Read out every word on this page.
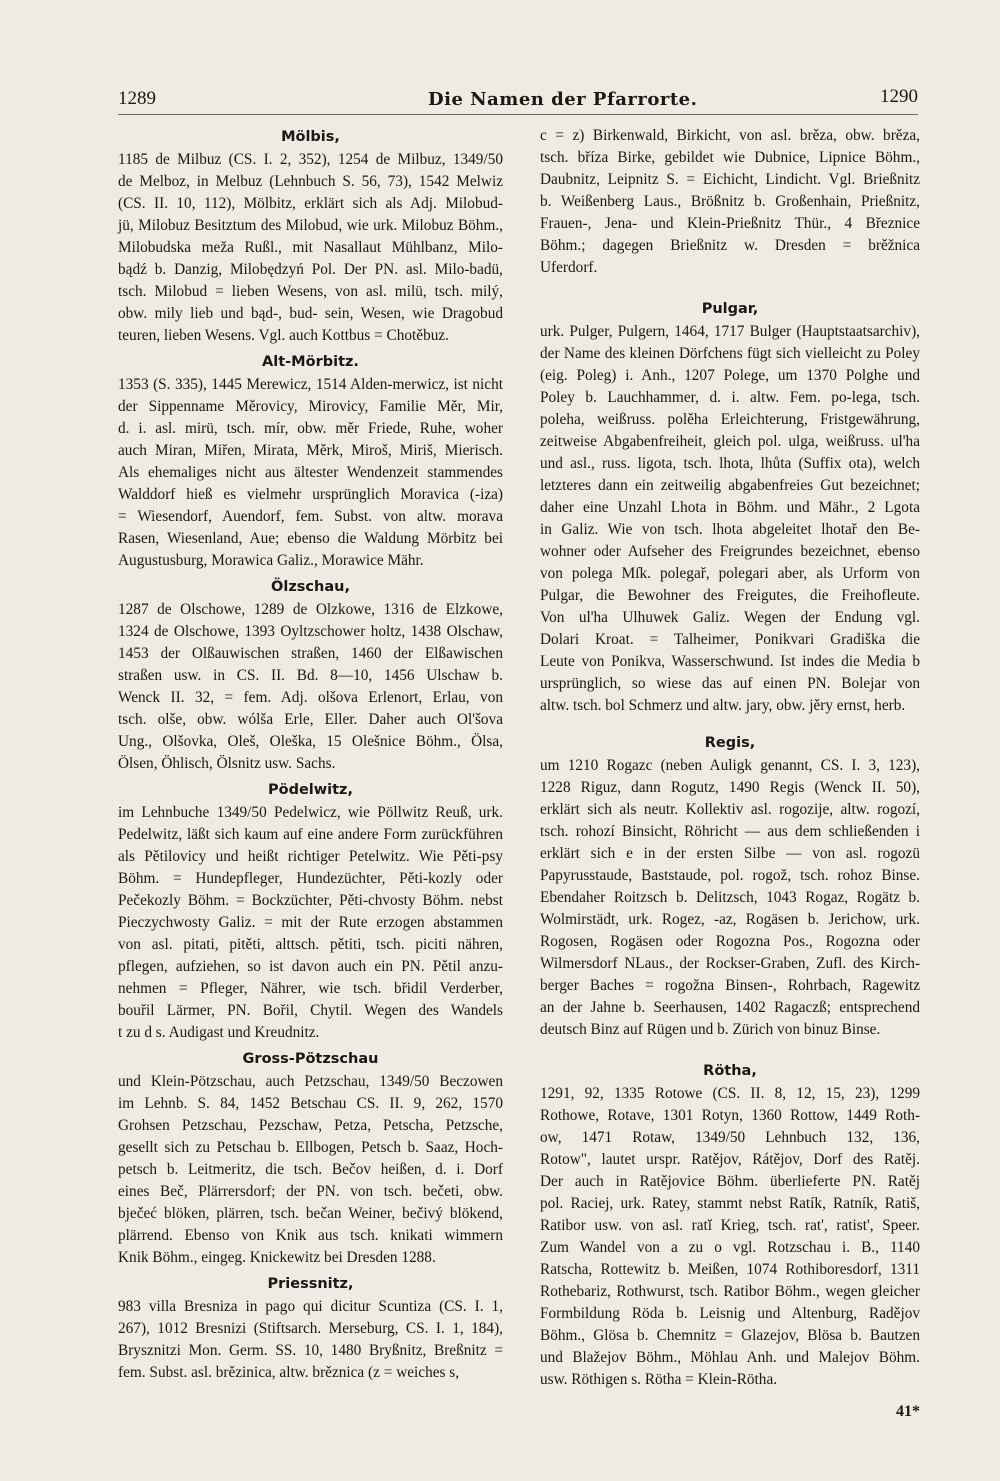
1289	Die Namen der Pfarrorte.	1290
Mölbis,
1185 de Milbuz (CS. I. 2, 352), 1254 de Milbuz, 1349/50
de Melboz, in Melbuz (Lehnbuch S. 56, 73), 1542 Melwiz
(CS. II. 10, 112), Mölbitz, erklärt sich als Adj. Milobud-
jü, Milobuz Besitztum des Milobud, wie urk. Milobuz Böhm.,
Milobudska meža Rußl., mit Nasallaut Mühlbanz, Milo-
bądź b. Danzig, Milobędzyń Pol. Der PN. asl. Milo-badü,
tsch. Milobud = lieben Wesens, von asl. milü, tsch. milý,
obw. mily lieb und bąd-, bud- sein, Wesen, wie Dragobud
teuren, lieben Wesens. Vgl. auch Kottbus = Chotěbuz.
Alt-Mörbitz.
1353 (S. 335), 1445 Merewicz, 1514 Alden-merwicz, ist nicht
der Sippenname Měrovicy, Mirovicy, Familie Měr, Mir,
d. i. asl. mirü, tsch. mír, obw. měr Friede, Ruhe, woher
auch Miran, Miřen, Mirata, Měrk, Miroš, Miriš, Mierisch.
Als ehemaliges nicht aus ältester Wendenzeit stammendes
Walddorf hieß es vielmehr ursprünglich Moravica (-iza)
= Wiesendorf, Auendorf, fem. Subst. von altw. morava
Rasen, Wiesenland, Aue; ebenso die Waldung Mörbitz bei
Augustusburg, Morawica Galiz., Morawice Mähr.
Ölzschau,
1287 de Olschowe, 1289 de Olzkowe, 1316 de Elzkowe,
1324 de Olschowe, 1393 Oyltzschower holtz, 1438 Olschaw,
1453 der Olßauwischen straßen, 1460 der Elßawischen
straßen usw. in CS. II. Bd. 8—10, 1456 Ulschaw b.
Wenck II. 32, = fem. Adj. olšova Erlenort, Erlau, von
tsch. olše, obw. wólša Erle, Eller. Daher auch Ol'šova
Ung., Olšovka, Oleš, Oleška, 15 Olešnice Böhm., Ölsa,
Ölsen, Öhlisch, Ölsnitz usw. Sachs.
Pödelwitz,
im Lehnbuche 1349/50 Pedelwicz, wie Pöllwitz Reuß, urk.
Pedelwitz, läßt sich kaum auf eine andere Form zurückführen
als Pětilovicy und heißt richtiger Petelwitz. Wie Pěti-psy
Böhm. = Hundepfleger, Hundezüchter, Pěti-kozly oder
Pečekozly Böhm. = Bockzüchter, Pěti-chvosty Böhm. nebst
Pieczychwosty Galiz. = mit der Rute erzogen abstammen
von asl. pitati, pitěti, alttsch. pětiti, tsch. piciti nähren,
pflegen, aufziehen, so ist davon auch ein PN. Pětil anzu-
nehmen = Pfleger, Nährer, wie tsch. břidil Verderber,
bouřil Lärmer, PN. Bořil, Chytil. Wegen des Wandels
t zu d s. Audigast und Kreudnitz.
Gross-Pötzschau
und Klein-Pötzschau, auch Petzschau, 1349/50 Beczowen
im Lehnb. S. 84, 1452 Betschau CS. II. 9, 262, 1570
Grohsen Petzschau, Pezschaw, Petza, Petscha, Petzsche,
gesellt sich zu Petschau b. Ellbogen, Petsch b. Saaz, Hoch-
petsch b. Leitmeritz, die tsch. Bečov heißen, d. i. Dorf
eines Beč, Plärrersdorf; der PN. von tsch. bečeti, obw.
bječeć blöken, plärren, tsch. bečan Weiner, bečivý blökend,
plärrend. Ebenso von Knik aus tsch. knikati wimmern
Knik Böhm., eingeg. Knickewitz bei Dresden 1288.
Priessnitz,
983 villa Bresniza in pago qui dicitur Scuntiza (CS. I. 1,
267), 1012 Bresnizi (Stiftsarch. Merseburg, CS. I. 1, 184),
Brysznitzi Mon. Germ. SS. 10, 1480 Bryßnitz, Breßnitz =
fem. Subst. asl. brězinica, altw. brěznica (z = weiches s,
c = z) Birkenwald, Birkicht, von asl. brěza, obw. brěza,
tsch. bříza Birke, gebildet wie Dubnice, Lipnice Böhm.,
Daubnitz, Leipnitz S. = Eichicht, Lindicht. Vgl. Brießnitz
b. Weißenberg Laus., Brößnitz b. Großenhain, Prießnitz,
Frauen-, Jena- und Klein-Prießnitz Thür., 4 Březnice
Böhm.; dagegen Brießnitz w. Dresden = brěžnica
Uferdorf.
Pulgar,
urk. Pulger, Pulgern, 1464, 1717 Bulger (Hauptstaatsarchiv),
der Name des kleinen Dörfchens fügt sich vielleicht zu Poley
(eig. Poleg) i. Anh., 1207 Polege, um 1370 Polghe und
Poley b. Lauchhammer, d. i. altw. Fem. po-lega, tsch.
poleha, weißruss. polěha Erleichterung, Fristgewährung,
zeitweise Abgabenfreiheit, gleich pol. ulga, weißruss. ul'ha
und asl., russ. ligota, tsch. lhota, lhůta (Suffix ota), welch
letzteres dann ein zeitweilig abgabenfreies Gut bezeichnet;
daher eine Unzahl Lhota in Böhm. und Mähr., 2 Lgota
in Galiz. Wie von tsch. lhota abgeleitet lhotař den Be-
wohner oder Aufseher des Freigrundes bezeichnet, ebenso
von polega Mſk. polegař, polegari aber, als Urform von
Pulgar, die Bewohner des Freigutes, die Freihofleute.
Von ul'ha Ulhuwek Galiz. Wegen der Endung vgl.
Dolari Kroat. = Talheimer, Ponikvari Gradiška die
Leute von Ponikva, Wasserschwund. Ist indes die Media b
ursprünglich, so wiese das auf einen PN. Bolejar von
altw. tsch. bol Schmerz und altw. jary, obw. jěry ernst, herb.
Regis,
um 1210 Rogazc (neben Auligk genannt, CS. I. 3, 123),
1228 Riguz, dann Rogutz, 1490 Regis (Wenck II. 50),
erklärt sich als neutr. Kollektiv asl. rogozije, altw. rogozí,
tsch. rohozí Binsicht, Röhricht — aus dem schließenden i
erklärt sich e in der ersten Silbe — von asl. rogozü
Papyrusstaude, Baststaude, pol. rogož, tsch. rohoz Binse.
Ebendaher Roitzsch b. Delitzsch, 1043 Rogaz, Rogätz b.
Wolmirstädt, urk. Rogez, -az, Rogäsen b. Jerichow, urk.
Rogosen, Rogäsen oder Rogozna Pos., Rogozna oder
Wilmersdorf NLaus., der Rockser-Graben, Zufl. des Kirch-
berger Baches = rogožna Binsen-, Rohrbach, Ragewitz
an der Jahne b. Seerhausen, 1402 Ragaczß; entsprechend
deutsch Binz auf Rügen und b. Zürich von binuz Binse.
Rötha,
1291, 92, 1335 Rotowe (CS. II. 8, 12, 15, 23), 1299
Rothowe, Rotave, 1301 Rotyn, 1360 Rottow, 1449 Roth-
ow, 1471 Rotaw, 1349/50 Lehnbuch 132, 136,
Rotow", lautet urspr. Ratějov, Rátějov, Dorf des Ratěj.
Der auch in Ratějovice Böhm. überlieferte PN. Ratěj
pol. Raciej, urk. Ratey, stammt nebst Ratík, Ratník, Ratiš,
Ratibor usw. von asl. ratĭ Krieg, tsch. rat', ratist', Speer.
Zum Wandel von a zu o vgl. Rotzschau i. B., 1140
Ratscha, Rottewitz b. Meißen, 1074 Rothiboresdorf, 1311
Rothebariz, Rothwurst, tsch. Ratibor Böhm., wegen gleicher
Formbildung Röda b. Leisnig und Altenburg, Radějov
Böhm., Glösa b. Chemnitz = Glazejov, Blösa b. Bautzen
und Blažejov Böhm., Möhlau Anh. und Malejov Böhm.
usw. Röthigen s. Rötha = Klein-Rötha.
41*
